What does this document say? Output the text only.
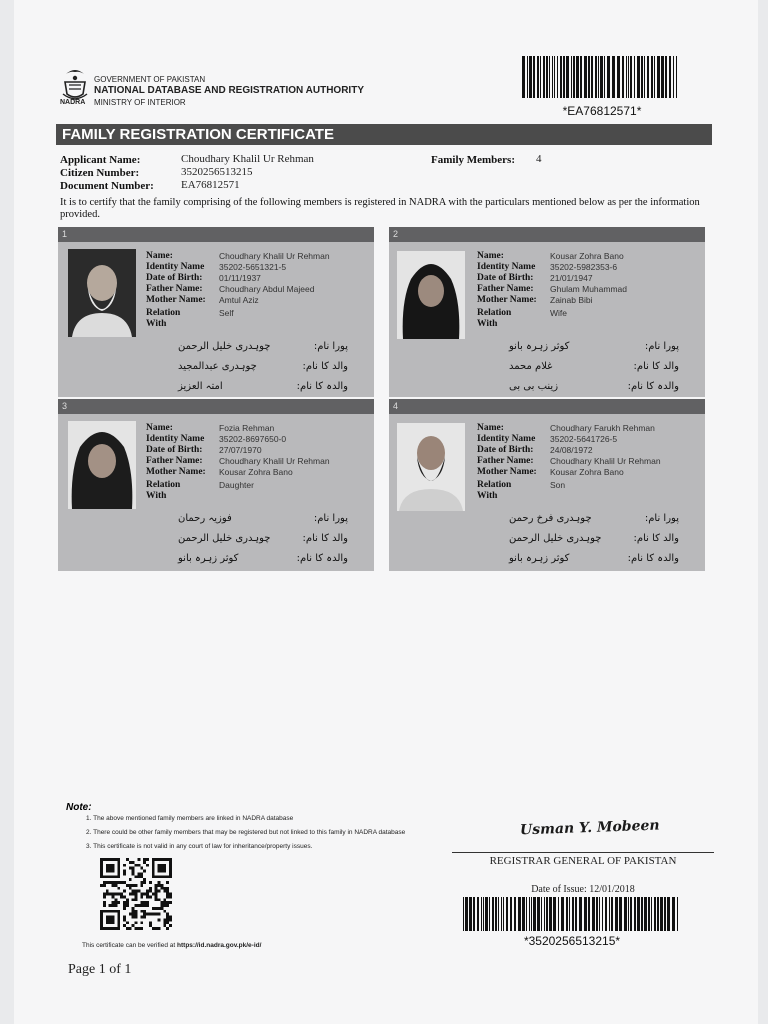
NADRA
GOVERNMENT OF PAKISTAN
NATIONAL DATABASE AND REGISTRATION AUTHORITY
MINISTRY OF INTERIOR
*EA76812571*
FAMILY REGISTRATION CERTIFICATE
Applicant Name:	Choudhary Khalil Ur Rehman
Citizen Number:	3520256513215
Document Number: EA76812571
Family Members: 4
It is to certify that the family comprising of the following members is registered in NADRA with the particulars mentioned below as per the information provided.
1
Name:	Choudhary Khalil Ur Rehman
Identity Name	35202-5651321-5
Date of Birth:	01/11/1937
Father Name:	Choudhary Abdul Majeed
Mother Name:	Amtul Aziz
Relation	Self
With
پورا نام:
چوہدری خلیل الرحمن
والد کا نام:
چوہدری عبدالمجید
والدہ کا نام:
امتہ العزیز
2
Name:	Kousar Zohra Bano
Identity Name	35202-5982353-6
Date of Birth:	21/01/1947
Father Name:	Ghulam Muhammad
Mother Name:	Zainab Bibi
Relation	Wife
With
پورا نام:
کوثر زہرہ بانو
والد کا نام:
غلام محمد
والدہ کا نام:
زینب بی بی
3
Name:	Fozia Rehman
Identity Name	35202-8697650-0
Date of Birth:	27/07/1970
Father Name:	Choudhary Khalil Ur Rehman
Mother Name:	Kousar Zohra Bano
Relation	Daughter
With
پورا نام:
فوزیہ رحمان
والد کا نام:
چوہدری خلیل الرحمن
والدہ کا نام:
کوثر زہرہ بانو
4
Name:	Choudhary Farukh Rehman
Identity Name	35202-5641726-5
Date of Birth:	24/08/1972
Father Name:	Choudhary Khalil Ur Rehman
Mother Name:	Kousar Zohra Bano
Relation	Son
With
پورا نام:
چوہدری فرخ رحمن
والد کا نام:
چوہدری خلیل الرحمن
والدہ کا نام:
کوثر زہرہ بانو
Note:
1. The above mentioned family members are linked in NADRA database
2. There could be other family members that may be registered but not linked to this family in NADRA database
3. This certificate is not valid in any court of law for inheritance/property issues.
Usman Y. Mobeen
REGISTRAR GENERAL OF PAKISTAN
Date of Issue: 12/01/2018
*3520256513215*
This certificate can be verified at https://id.nadra.gov.pk/e-id/
Page 1 of 1
